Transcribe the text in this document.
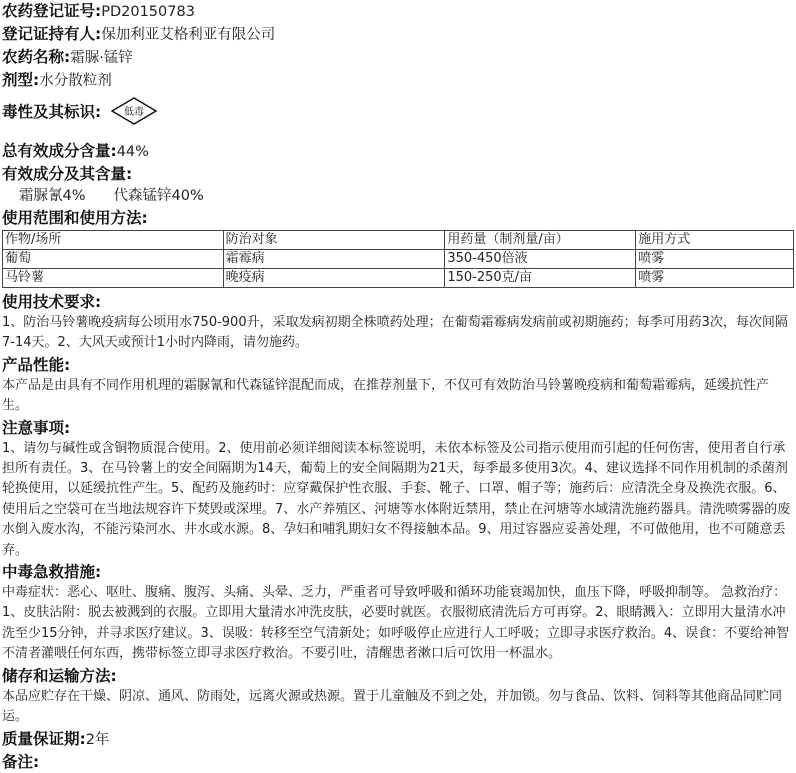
农药登记证号:PD20150783
登记证持有人:保加利亚艾格利亚有限公司
农药名称:霜脲·锰锌
剂型:水分散粒剂
毒性及其标识: 低毒
总有效成分含量:44%
有效成分及其含量:
霜脲氰4% 代森锰锌40%
使用范围和使用方法:
作物/场所	防治对象	用药量（制剂量/亩）	施用方式
葡萄	霜霉病	350-450倍液	喷雾
马铃薯	晚疫病	150-250克/亩	喷雾
使用技术要求:

1、防治马铃薯晚疫病每公顷用水750-900升，采取发病初期全株喷药处理；在葡萄霜霉病发病前或初期施药；每季可用药3次，每次间隔7-14天。2、大风天或预计1小时内降雨，请勿施药。

产品性能:

本产品是由具有不同作用机理的霜脲氰和代森锰锌混配而成，在推荐剂量下，不仅可有效防治马铃薯晚疫病和葡萄霜霉病，延缓抗性产生。

注意事项:

1、请勿与碱性或含铜物质混合使用。2、使用前必须详细阅读本标签说明，未依本标签及公司指示使用而引起的任何伤害，使用者自行承担所有责任。3、在马铃薯上的安全间隔期为14天，葡萄上的安全间隔期为21天，每季最多使用3次。4、建议选择不同作用机制的杀菌剂轮换使用，以延缓抗性产生。5、配药及施药时：应穿戴保护性衣服、手套、靴子、口罩、帽子等；施药后：应清洗全身及换洗衣服。6、使用后之空袋可在当地法规容许下焚毁或深埋。7、水产养殖区、河塘等水体附近禁用，禁止在河塘等水域清洗施药器具。清洗喷雾器的废水倒入废水沟，不能污染河水、井水或水源。8、孕妇和哺乳期妇女不得接触本品。9、用过容器应妥善处理，不可做他用，也不可随意丢弃。

中毒急救措施:

中毒症状：恶心、呕吐、腹痛、腹泻、头痛、头晕、乏力，严重者可导致呼吸和循环功能衰竭加快，血压下降，呼吸抑制等。 急救治疗：1、皮肤沾附：脱去被溅到的衣服。立即用大量清水冲洗皮肤，必要时就医。衣服彻底清洗后方可再穿。2、眼睛溅入：立即用大量清水冲洗至少15分钟，并寻求医疗建议。3、误吸：转移至空气清新处；如呼吸停止应进行人工呼吸；立即寻求医疗救治。4、误食：不要给神智不清者灌喂任何东西，携带标签立即寻求医疗救治。不要引吐，清醒患者漱口后可饮用一杯温水。

储存和运输方法:

本品应贮存在干燥、阴凉、通风、防雨处，远离火源或热源。置于儿童触及不到之处，并加锁。勿与食品、饮料、饲料等其他商品同贮同运。

质量保证期:2年
备注:
